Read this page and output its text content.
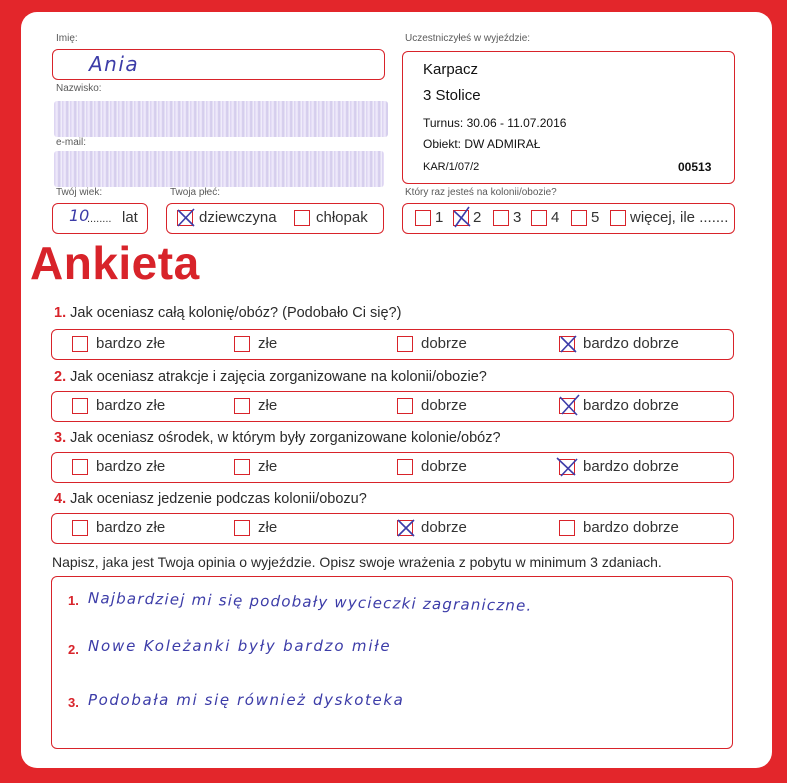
Imię:
Ania
Nazwisko:
e-mail:
Twój wiek:
10
........ lat
Twoja płeć:
dziewczyna	chłopak
Uczestniczyłeś w wyjeździe:
Karpacz
3 Stolice
Turnus: 30.06 - 11.07.2016
Obiekt: DW ADMIRAŁ
KAR/1/07/2	00513
Który raz jesteś na kolonii/obozie?
1 2 3 4 5 więcej, ile .......
Ankieta
1. Jak oceniasz całą kolonię/obóz? (Podobało Ci się?)
bardzo złe	złe	dobrze	bardzo dobrze
2. Jak oceniasz atrakcje i zajęcia zorganizowane na kolonii/obozie?
bardzo złe	złe	dobrze	bardzo dobrze
3. Jak oceniasz ośrodek, w którym były zorganizowane kolonie/obóz?
bardzo złe	złe	dobrze	bardzo dobrze
4. Jak oceniasz jedzenie podczas kolonii/obozu?
bardzo złe	złe	dobrze	bardzo dobrze
Napisz, jaka jest Twoja opinia o wyjeździe. Opisz swoje wrażenia z pobytu w minimum 3 zdaniach.
1. Najbardziej mi się podobały wycieczki zagraniczne.
2. Nowe Koleżanki były bardzo miłe
3. Podobała mi się również dyskoteka
